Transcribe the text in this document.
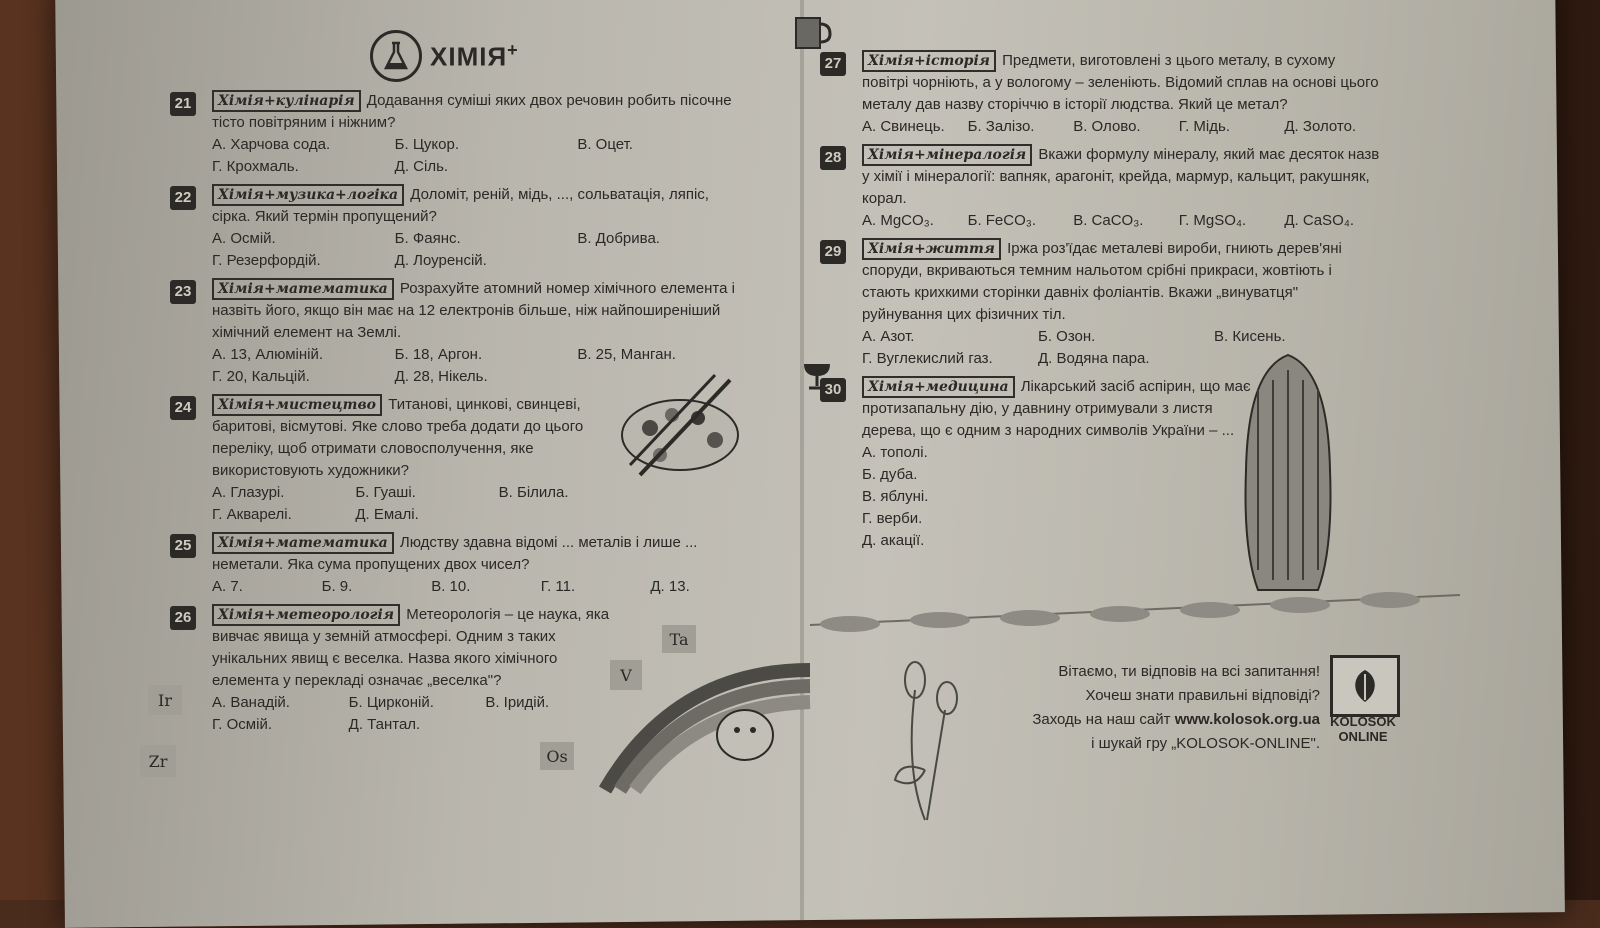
ХІМІЯ+
21	Хімія+кулінарія Додавання суміші яких двох речовин робить пісочне тісто повітряним і ніжним?
А. Харчова сода.	Б. Цукор.	В. Оцет.
Г. Крохмаль.	Д. Сіль.
22	Хімія+музика+логіка Доломіт, реній, мідь, ..., сольватація, ляпіс, сірка. Який термін пропущений?
А. Осмій.	Б. Фаянс.	В. Добрива.
Г. Резерфордій.	Д. Лоуренсій.
23	Хімія+математика Розрахуйте атомний номер хімічного елемента і назвіть його, якщо він має на 12 електронів більше, ніж найпоширеніший хімічний елемент на Землі.
А. 13, Алюміній.	Б. 18, Аргон.	В. 25, Манган.
Г. 20, Кальцій.	Д. 28, Нікель.
24	Хімія+мистецтво Титанові, цинкові, свинцеві, баритові, вісмутові. Яке слово треба додати до цього переліку, щоб отримати словосполучення, яке використовують художники?
А. Глазурі.	Б. Гуаші.	В. Білила.
Г. Акварелі.	Д. Емалі.
25	Хімія+математика Людству здавна відомі ... металів і лише ... неметали. Яка сума пропущених двох чисел?
А. 7.	Б. 9.	В. 10.	Г. 11.	Д. 13.
26	Хімія+метеорологія Метеорологія – це наука, яка вивчає явища у земній атмосфері. Одним з таких унікальних явищ є веселка. Назва якого хімічного елемента у перекладі означає „веселка"?
А. Ванадій.	Б. Цирконій.	В. Іридій.
Г. Осмій.	Д. Тантал.
Ir
Zr
V
Ta
Os
27	Хімія+історія Предмети, виготовлені з цього металу, в сухому повітрі чорніють, а у вологому – зеленіють. Відомий сплав на основі цього металу дав назву сторіччю в історії людства. Який це метал?
А. Свинець.	Б. Залізо.	В. Олово.	Г. Мідь.	Д. Золото.
28	Хімія+мінералогія Вкажи формулу мінералу, який має десяток назв у хімії і мінералогії: вапняк, арагоніт, крейда, мармур, кальцит, ракушняк, корал.
А. MgCO₃.	Б. FeCO₃.	В. CaCO₃.	Г. MgSO₄.	Д. CaSO₄.
29	Хімія+життя Іржа роз'їдає металеві вироби, гниють дерев'яні споруди, вкриваються темним нальотом срібні прикраси, жовтіють і стають крихкими сторінки давніх фоліантів. Вкажи „винуватця" руйнування цих фізичних тіл.
А. Азот.	Б. Озон.	В. Кисень.
Г. Вуглекислий газ.	Д. Водяна пара.
30	Хімія+медицина Лікарський засіб аспірин, що має протизапальну дію, у давнину отримували з листя дерева, що є одним з народних символів України – ...
А. тополі.
Б. дуба.
В. яблуні.
Г. верби.
Д. акації.
Вітаємо, ти відповів на всі запитання!
Хочеш знати правильні відповіді?
Заходь на наш сайт www.kolosok.org.ua
і шукай гру „KOLOSOK-ONLINE".
KOLOSOK
ONLINE
